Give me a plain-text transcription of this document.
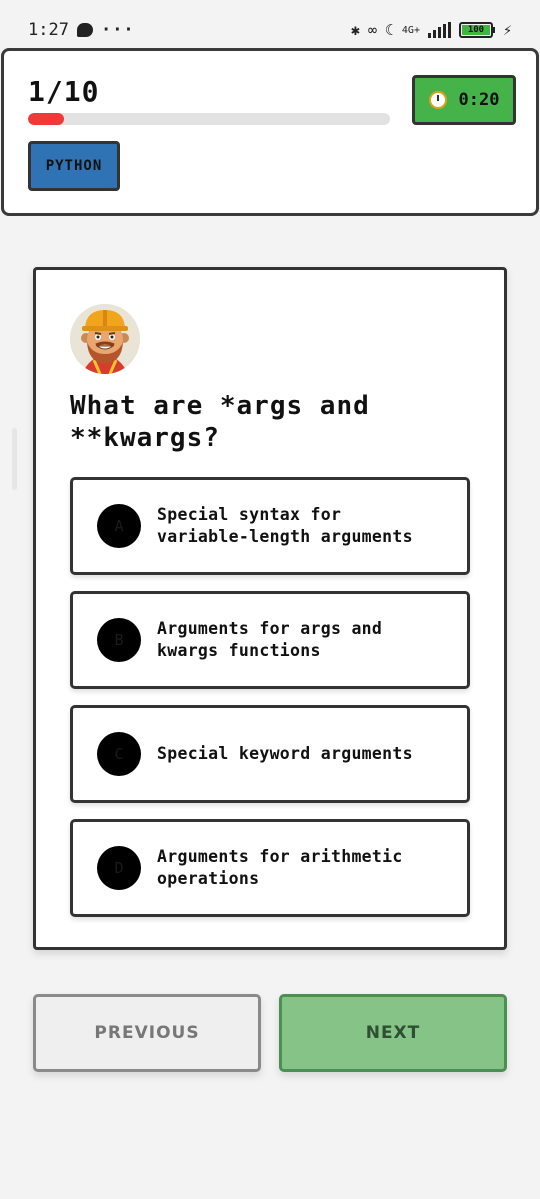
1:27 ···	✱ ∞ ☾ 4G+	100	⚡
1/10	0:20
PYTHON
What are *args and **kwargs?
A
Special syntax for variable-length arguments
B
Arguments for args and kwargs functions
C	Special keyword arguments
D
Arguments for arithmetic operations
PREVIOUS	NEXT
